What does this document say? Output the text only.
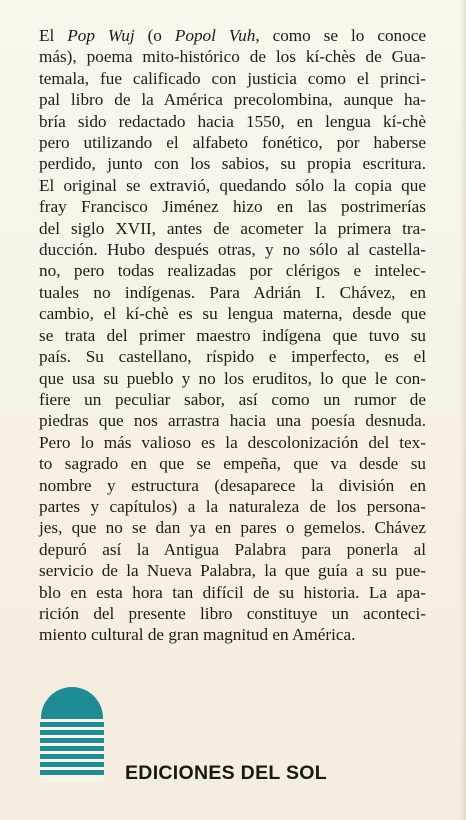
El Pop Wuj (o Popol Vuh, como se lo conoce
más), poema mito-histórico de los kí-chès de Gua-
temala, fue calificado con justicia como el princi-
pal libro de la América precolombina, aunque ha-
bría sido redactado hacia 1550, en lengua kí-chè
pero utilizando el alfabeto fonético, por haberse
perdido, junto con los sabios, su propia escritura.
El original se extravió, quedando sólo la copia que
fray Francisco Jiménez hizo en las postrimerías
del siglo XVII, antes de acometer la primera tra-
ducción. Hubo después otras, y no sólo al castella-
no, pero todas realizadas por clérigos e intelec-
tuales no indígenas. Para Adrián I. Chávez, en
cambio, el kí-chè es su lengua materna, desde que
se trata del primer maestro indígena que tuvo su
país. Su castellano, ríspido e imperfecto, es el
que usa su pueblo y no los eruditos, lo que le con-
fiere un peculiar sabor, así como un rumor de
piedras que nos arrastra hacia una poesía desnuda.
Pero lo más valioso es la descolonización del tex-
to sagrado en que se empeña, que va desde su
nombre y estructura (desaparece la división en
partes y capítulos) a la naturaleza de los persona-
jes, que no se dan ya en pares o gemelos. Chávez
depuró así la Antigua Palabra para ponerla al
servicio de la Nueva Palabra, la que guía a su pue-
blo en esta hora tan difícil de su historia. La apa-
rición del presente libro constituye un aconteci-
miento cultural de gran magnitud en América.
EDICIONES DEL SOL
